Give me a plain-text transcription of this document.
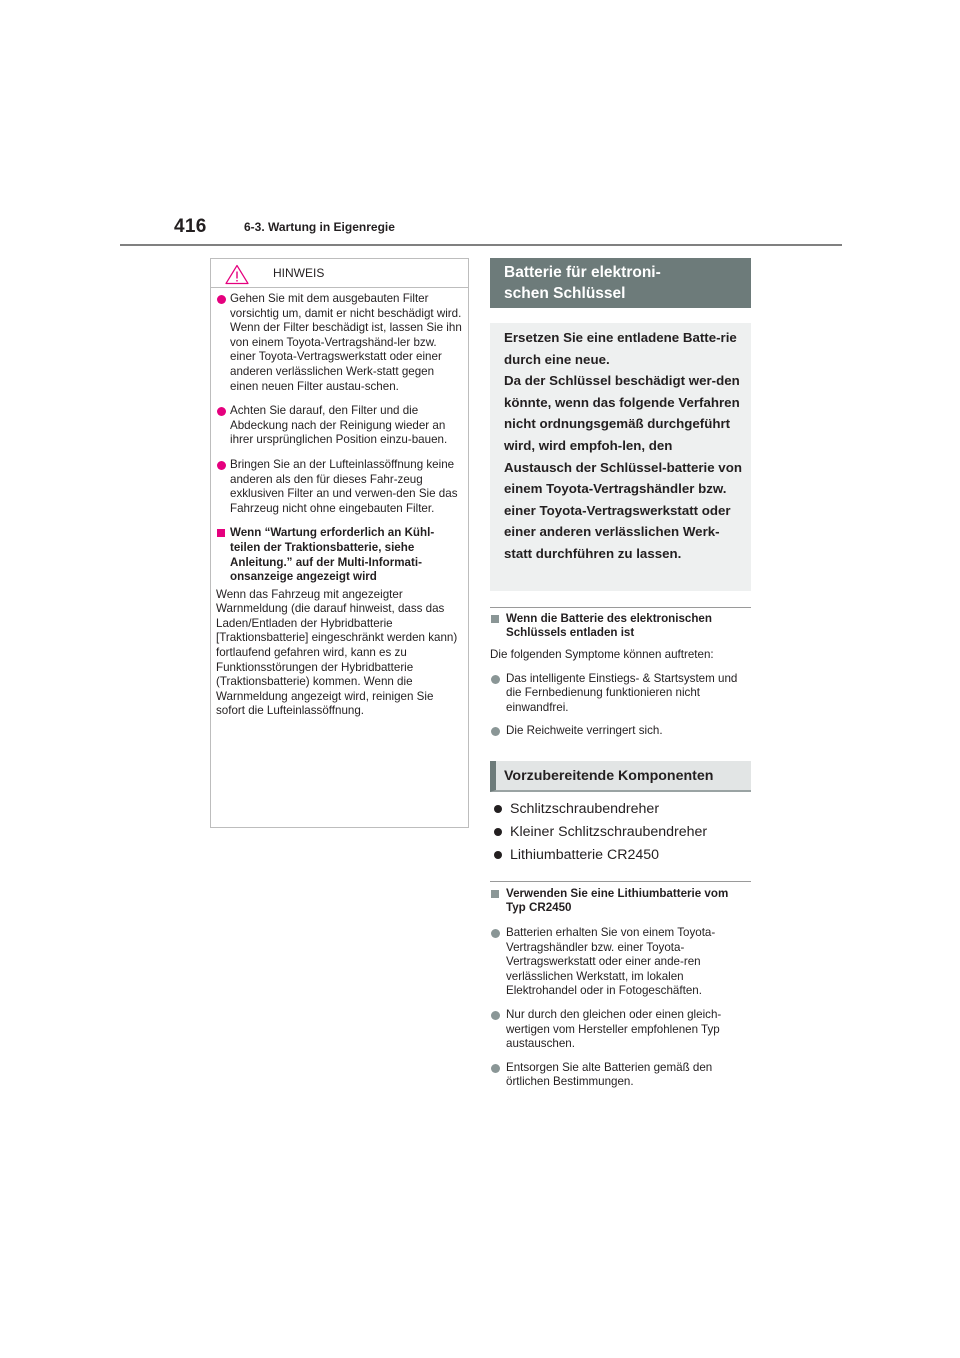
416	6-3. Wartung in Eigenregie
HINWEIS
Gehen Sie mit dem ausgebauten Filter vorsichtig um, damit er nicht beschädigt wird.
Wenn der Filter beschädigt ist, lassen Sie ihn von einem Toyota-Vertragshänd-ler bzw. einer Toyota-Vertragswerkstatt oder einer anderen verlässlichen Werk-statt gegen einen neuen Filter austau-schen.
Achten Sie darauf, den Filter und die Abdeckung nach der Reinigung wieder an ihrer ursprünglichen Position einzu-bauen.
Bringen Sie an der Lufteinlassöffnung keine anderen als den für dieses Fahr-zeug exklusiven Filter an und verwen-den Sie das Fahrzeug nicht ohne eingebauten Filter.
Wenn “Wartung erforderlich an Kühl-teilen der Traktionsbatterie, siehe Anleitung.” auf der Multi-Informati-onsanzeige angezeigt wird

Wenn das Fahrzeug mit angezeigter Warnmeldung (die darauf hinweist, dass das Laden/Entladen der Hybridbatterie [Traktionsbatterie] eingeschränkt werden kann) fortlaufend gefahren wird, kann es zu Funktionsstörungen der Hybridbatterie (Traktionsbatterie) kommen. Wenn die Warnmeldung angezeigt wird, reinigen Sie sofort die Lufteinlassöffnung.

Batterie für elektroni-
schen Schlüssel
Ersetzen Sie eine entladene Batte-rie durch eine neue.
Da der Schlüssel beschädigt wer-den könnte, wenn das folgende Verfahren nicht ordnungsgemäß durchgeführt wird, wird empfoh-len, den Austausch der Schlüssel-batterie von einem Toyota-Vertragshändler bzw. einer Toyota-Vertragswerkstatt oder einer anderen verlässlichen Werk-statt durchführen zu lassen.
Wenn die Batterie des elektronischen Schlüssels entladen ist

Die folgenden Symptome können auftreten:

Das intelligente Einstiegs- & Startsystem und die Fernbedienung funktionieren nicht einwandfrei.
Die Reichweite verringert sich.
Vorzubereitende Komponenten
Schlitzschraubendreher
Kleiner Schlitzschraubendreher
Lithiumbatterie CR2450
Verwenden Sie eine Lithiumbatterie vom Typ CR2450
Batterien erhalten Sie von einem Toyota-Vertragshändler bzw. einer Toyota-Vertragswerkstatt oder einer ande-ren verlässlichen Werkstatt, im lokalen Elektrohandel oder in Fotogeschäften.
Nur durch den gleichen oder einen gleich-wertigen vom Hersteller empfohlenen Typ austauschen.
Entsorgen Sie alte Batterien gemäß den örtlichen Bestimmungen.
